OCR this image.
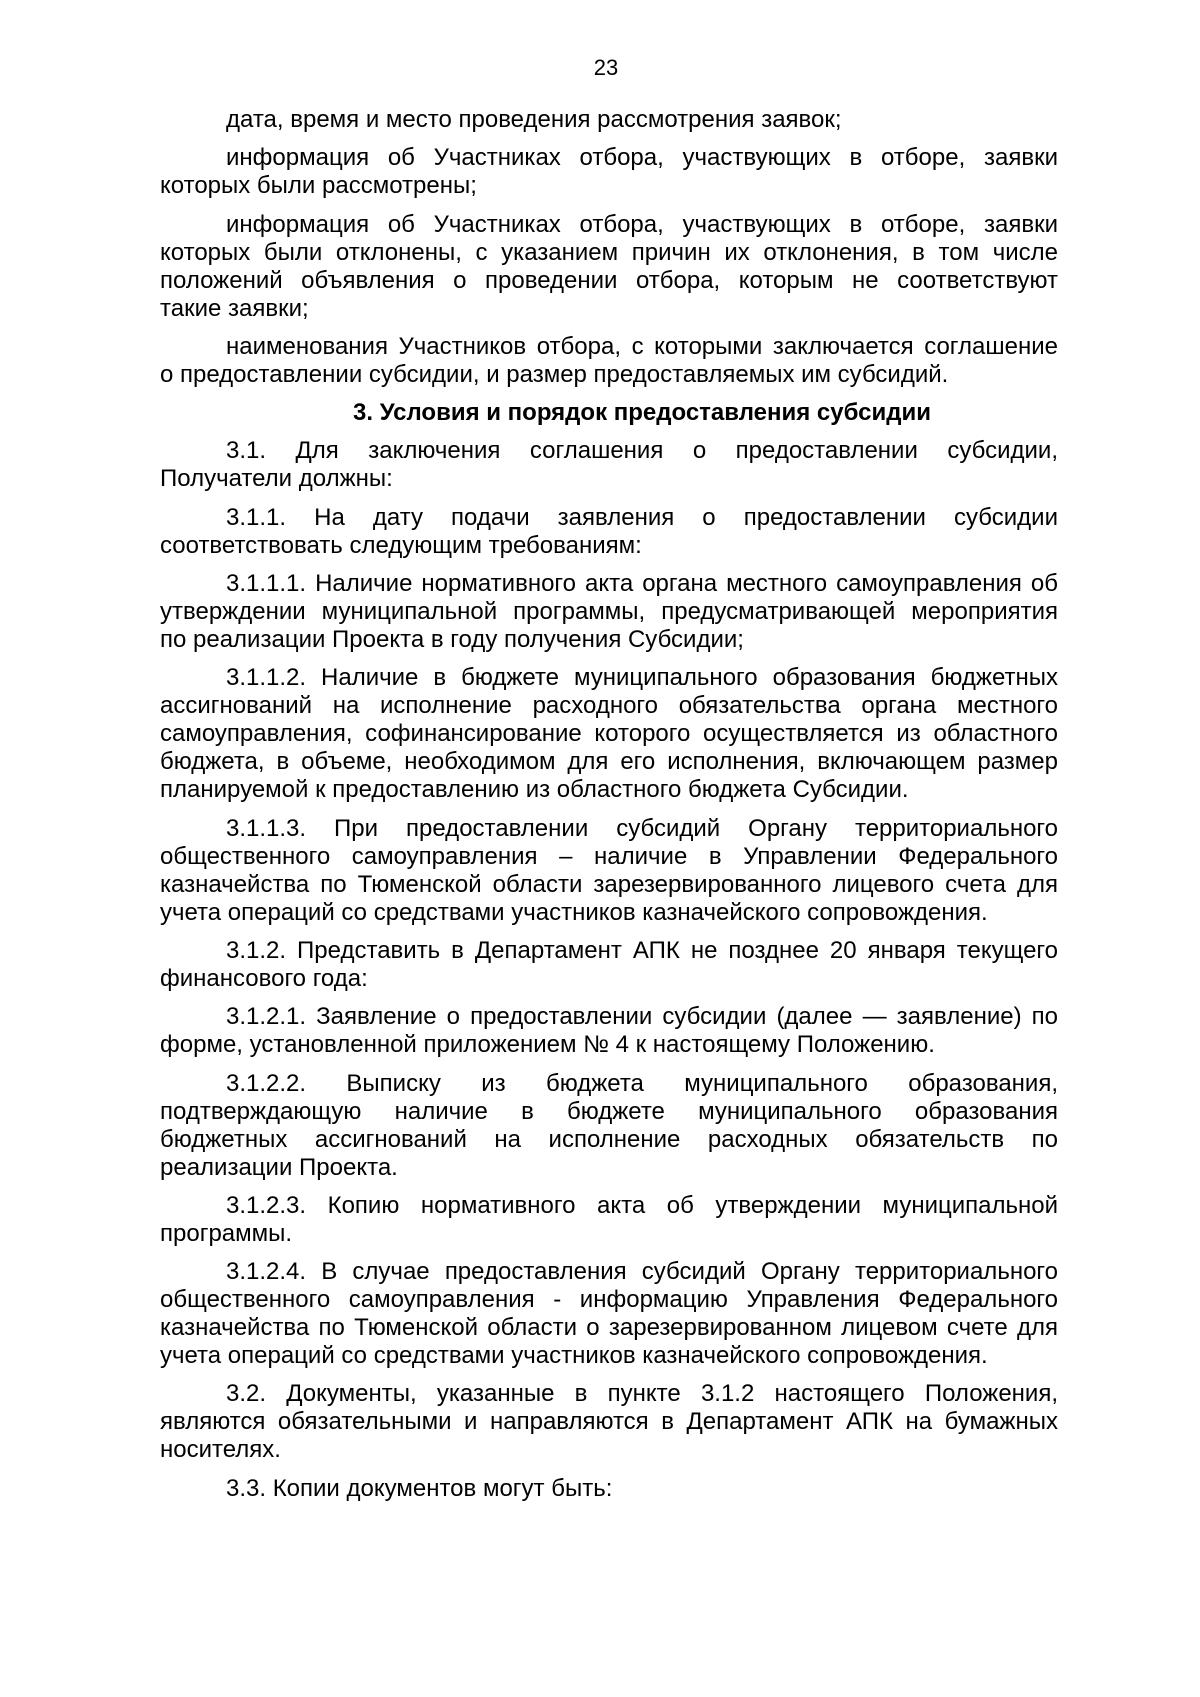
23
дата, время и место проведения рассмотрения заявок;
информация об Участниках отбора, участвующих в отборе, заявки
которых были рассмотрены;
информация об Участниках отбора, участвующих в отборе, заявки
которых были отклонены, с указанием причин их отклонения, в том числе
положений объявления о проведении отбора, которым не соответствуют
такие заявки;
наименования Участников отбора, с которыми заключается соглашение
о предоставлении субсидии, и размер предоставляемых им субсидий.
3. Условия и порядок предоставления субсидии
3.1. Для заключения соглашения о предоставлении субсидии,
Получатели должны:
3.1.1. На дату подачи заявления о предоставлении субсидии
соответствовать следующим требованиям:
3.1.1.1. Наличие нормативного акта органа местного самоуправления об
утверждении муниципальной программы, предусматривающей мероприятия
по реализации Проекта в году получения Субсидии;
3.1.1.2. Наличие в бюджете муниципального образования бюджетных
ассигнований на исполнение расходного обязательства органа местного
самоуправления, софинансирование которого осуществляется из областного
бюджета, в объеме, необходимом для его исполнения, включающем размер
планируемой к предоставлению из областного бюджета Субсидии.
3.1.1.3. При предоставлении субсидий Органу территориального
общественного самоуправления – наличие в Управлении Федерального
казначейства по Тюменской области зарезервированного лицевого счета для
учета операций со средствами участников казначейского сопровождения.
3.1.2. Представить в Департамент АПК не позднее 20 января текущего
финансового года:
3.1.2.1. Заявление о предоставлении субсидии (далее — заявление) по
форме, установленной приложением № 4 к настоящему Положению.
3.1.2.2. Выписку из бюджета муниципального образования,
подтверждающую наличие в бюджете муниципального образования
бюджетных ассигнований на исполнение расходных обязательств по
реализации Проекта.
3.1.2.3. Копию нормативного акта об утверждении муниципальной
программы.
3.1.2.4. В случае предоставления субсидий Органу территориального
общественного самоуправления - информацию Управления Федерального
казначейства по Тюменской области о зарезервированном лицевом счете для
учета операций со средствами участников казначейского сопровождения.
3.2. Документы, указанные в пункте 3.1.2 настоящего Положения,
являются обязательными и направляются в Департамент АПК на бумажных
носителях.
3.3. Копии документов могут быть:
